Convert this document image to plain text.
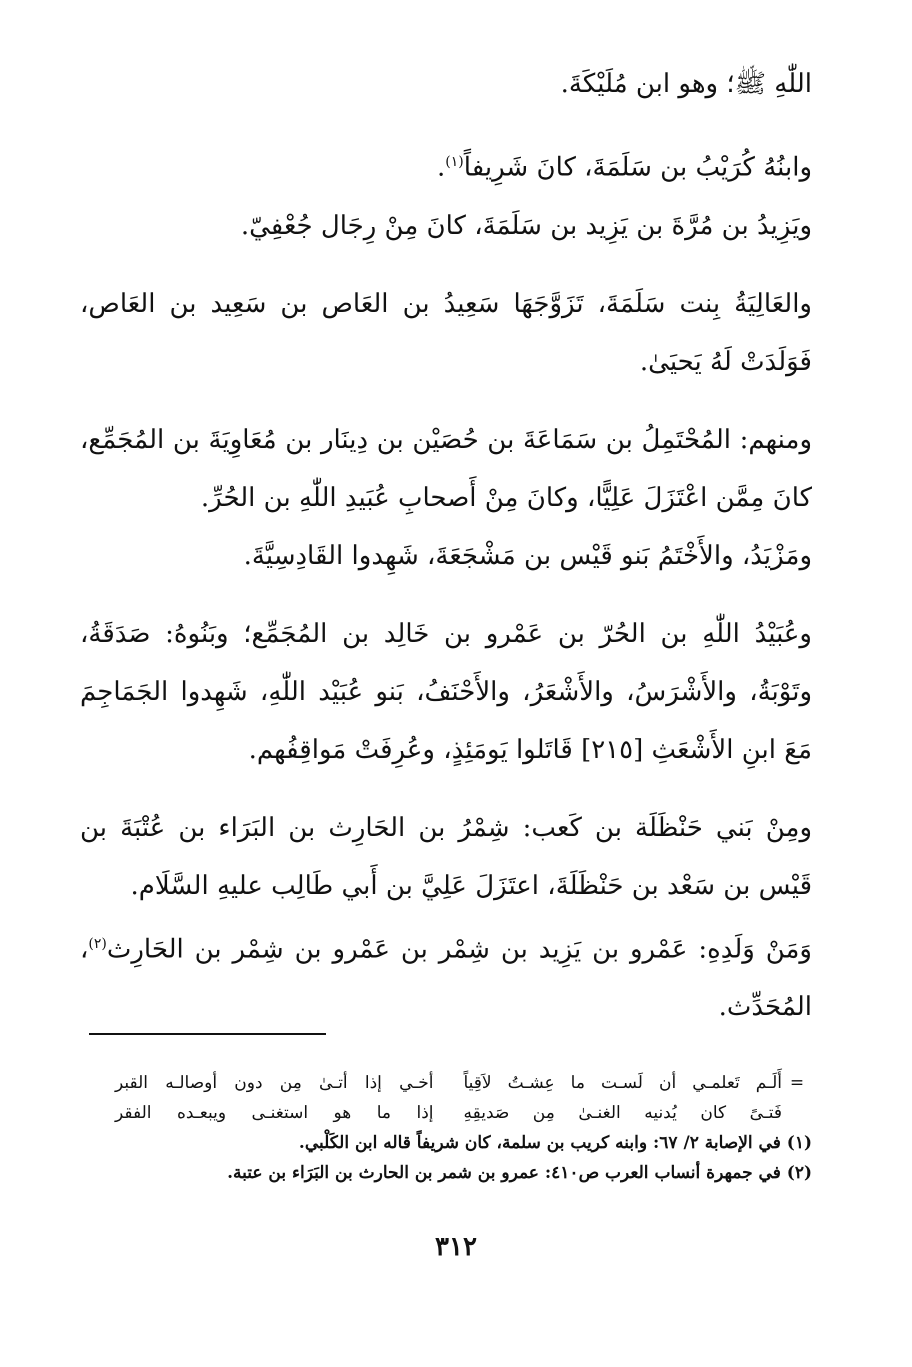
اللّٰهِ ﷺ؛ وهو ابن مُلَيْكَةَ.

وابنُهُ كُرَيْبُ بن سَلَمَةَ، كانَ شَرِيفاً$^{(١)}$.

ويَزِيدُ بن مُرَّةَ بن يَزِيد بن سَلَمَةَ، كانَ مِنْ رِجَال جُعْفِيّ.

والعَالِيَةُ بِنت سَلَمَةَ، تَزَوَّجَهَا سَعِيدُ بن العَاص بن سَعِيد بن العَاص، فَوَلَدَتْ لَهُ يَحيَىٰ.

ومنهم: المُحْتَمِلُ بن سَمَاعَةَ بن حُصَيْن بن دِينَار بن مُعَاوِيَةَ بن المُجَمِّع، كانَ مِمَّن اعْتَزَلَ عَلِيًّا، وكانَ مِنْ أَصحابِ عُبَيدِ اللّٰهِ بن الحُرِّ.

ومَزْيَدُ، والأَخْتَمُ بَنو قَيْس بن مَشْجَعَةَ، شَهِدوا القَادِسِيَّةَ.

وعُبَيْدُ اللّٰهِ بن الحُرّ بن عَمْرو بن خَالِد بن المُجَمِّع؛ وبَنُوهُ: صَدَقَةُ، وتَوْبَةُ، والأَشْرَسُ، والأَشْعَرُ، والأَحْنَفُ، بَنو عُبَيْد اللّٰهِ، شَهِدوا الجَمَاجِمَ مَعَ ابنِ الأَشْعَثِ [٢١٥] قَاتَلوا يَومَئِذٍ، وعُرِفَتْ مَواقِفُهم.

ومِنْ بَني حَنْظَلَة بن كَعب: شِمْرُ بن الحَارِث بن البَرَاء بن عُتْبَةَ بن قَيْس بن سَعْد بن حَنْظَلَةَ، اعتَزَلَ عَلِيَّ بن أَبي طَالِب عليهِ السَّلَام.

وَمَنْ وَلَدِهِ: عَمْرو بن يَزِيد بن شِمْر بن عَمْرو بن شِمْر بن الحَارِث$^{(٢)}$، المُحَدِّث.

=
أَلَـم تَعلمـي أن لَسـت ما عِشـتُ لاَقِياً
أخـي إذا أتـىٰ مِن دون أوصالـه القبر
فَتـىً كان يُدنيه الغنـىٰ مِن صَديقِهِ
إذا ما هو استغنـى ويبعـده الفقر

(١) في الإصابة ٢/ ٦٧: وابنه كريب بن سلمة، كان شريفاً قاله ابن الكَلْبي.

(٢) في جمهرة أنساب العرب ص٤١٠: عمرو بن شمر بن الحارث بن البَرَاء بن عتبة.

٣١٢
